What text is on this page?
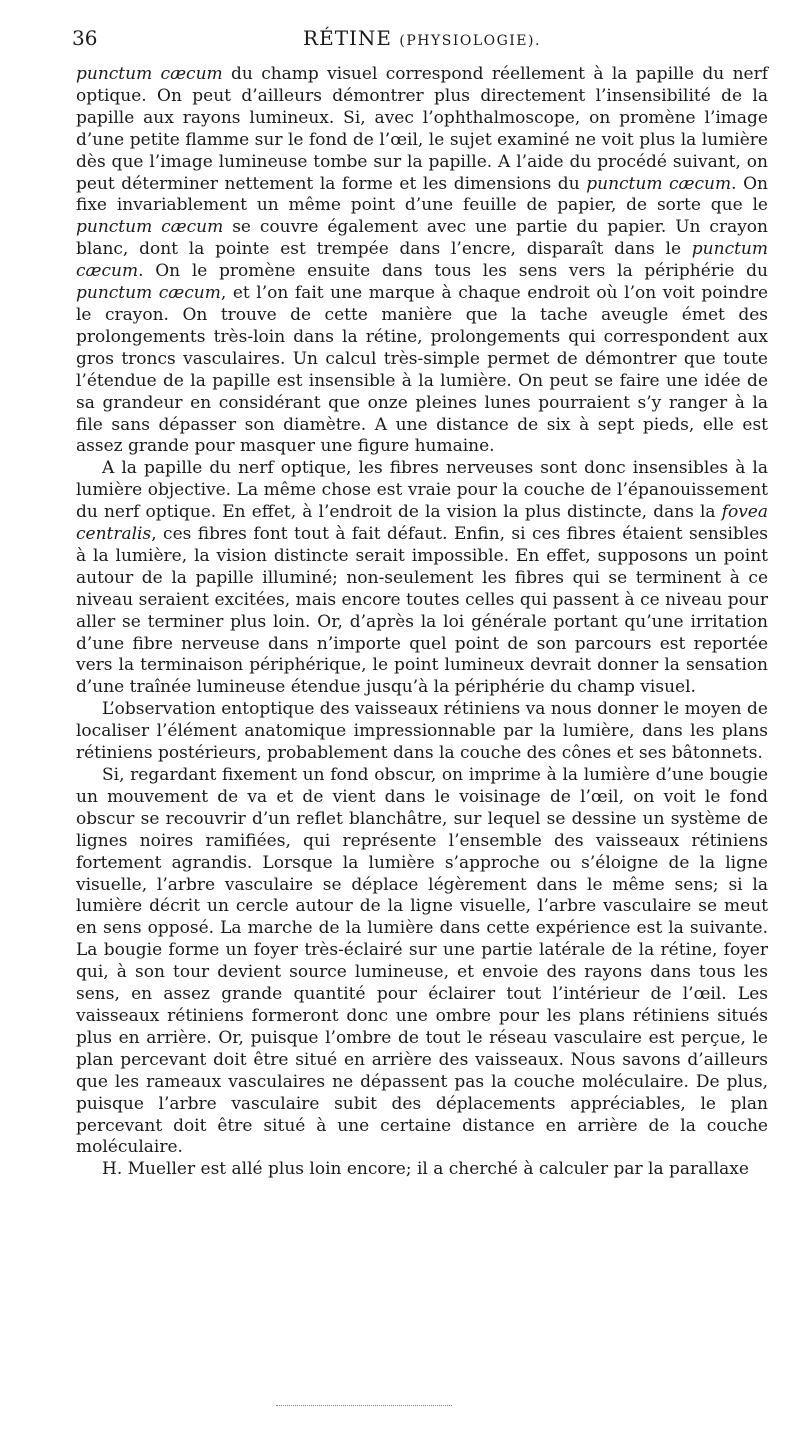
36	RÉTINE (PHYSIOLOGIE).

punctum cæcum du champ visuel correspond réellement à la papille du nerf optique. On peut d’ailleurs démontrer plus directement l’insensibilité de la papille aux rayons lumineux. Si, avec l’ophthalmoscope, on promène l’image d’une petite flamme sur le fond de l’œil, le sujet examiné ne voit plus la lumière dès que l’image lumineuse tombe sur la papille. A l’aide du procédé suivant, on peut déterminer nettement la forme et les dimensions du punctum cæcum. On fixe invariablement un même point d’une feuille de papier, de sorte que le punctum cæcum se couvre également avec une partie du papier. Un crayon blanc, dont la pointe est trempée dans l’encre, disparaît dans le punctum cæcum. On le promène ensuite dans tous les sens vers la périphérie du punctum cæcum, et l’on fait une marque à chaque endroit où l’on voit poindre le crayon. On trouve de cette manière que la tache aveugle émet des prolongements très-loin dans la rétine, prolongements qui correspondent aux gros troncs vasculaires. Un calcul très-simple permet de démontrer que toute l’étendue de la papille est insensible à la lumière. On peut se faire une idée de sa grandeur en considérant que onze pleines lunes pourraient s’y ranger à la file sans dépasser son diamètre. A une distance de six à sept pieds, elle est assez grande pour masquer une figure humaine.

A la papille du nerf optique, les fibres nerveuses sont donc insensibles à la lumière objective. La même chose est vraie pour la couche de l’épanouissement du nerf optique. En effet, à l’endroit de la vision la plus distincte, dans la fovea centralis, ces fibres font tout à fait défaut. Enfin, si ces fibres étaient sensibles à la lumière, la vision distincte serait impossible. En effet, supposons un point autour de la papille illuminé; non-seulement les fibres qui se terminent à ce niveau seraient excitées, mais encore toutes celles qui passent à ce niveau pour aller se terminer plus loin. Or, d’après la loi générale portant qu’une irritation d’une fibre nerveuse dans n’importe quel point de son parcours est reportée vers la terminaison périphérique, le point lumineux devrait donner la sensation d’une traînée lumineuse étendue jusqu’à la périphérie du champ visuel.

L’observation entoptique des vaisseaux rétiniens va nous donner le moyen de localiser l’élément anatomique impressionnable par la lumière, dans les plans rétiniens postérieurs, probablement dans la couche des cônes et ses bâtonnets.

Si, regardant fixement un fond obscur, on imprime à la lumière d’une bougie un mouvement de va et de vient dans le voisinage de l’œil, on voit le fond obscur se recouvrir d’un reflet blanchâtre, sur lequel se dessine un système de lignes noires ramifiées, qui représente l’ensemble des vaisseaux rétiniens fortement agrandis. Lorsque la lumière s’approche ou s’éloigne de la ligne visuelle, l’arbre vasculaire se déplace légèrement dans le même sens; si la lumière décrit un cercle autour de la ligne visuelle, l’arbre vasculaire se meut en sens opposé. La marche de la lumière dans cette expérience est la suivante. La bougie forme un foyer très-éclairé sur une partie latérale de la rétine, foyer qui, à son tour devient source lumineuse, et envoie des rayons dans tous les sens, en assez grande quantité pour éclairer tout l’intérieur de l’œil. Les vaisseaux rétiniens formeront donc une ombre pour les plans rétiniens situés plus en arrière. Or, puisque l’ombre de tout le réseau vasculaire est perçue, le plan percevant doit être situé en arrière des vaisseaux. Nous savons d’ailleurs que les rameaux vasculaires ne dépassent pas la couche moléculaire. De plus, puisque l’arbre vasculaire subit des déplacements appréciables, le plan percevant doit être situé à une certaine distance en arrière de la couche moléculaire.

H. Mueller est allé plus loin encore; il a cherché à calculer par la parallaxe
